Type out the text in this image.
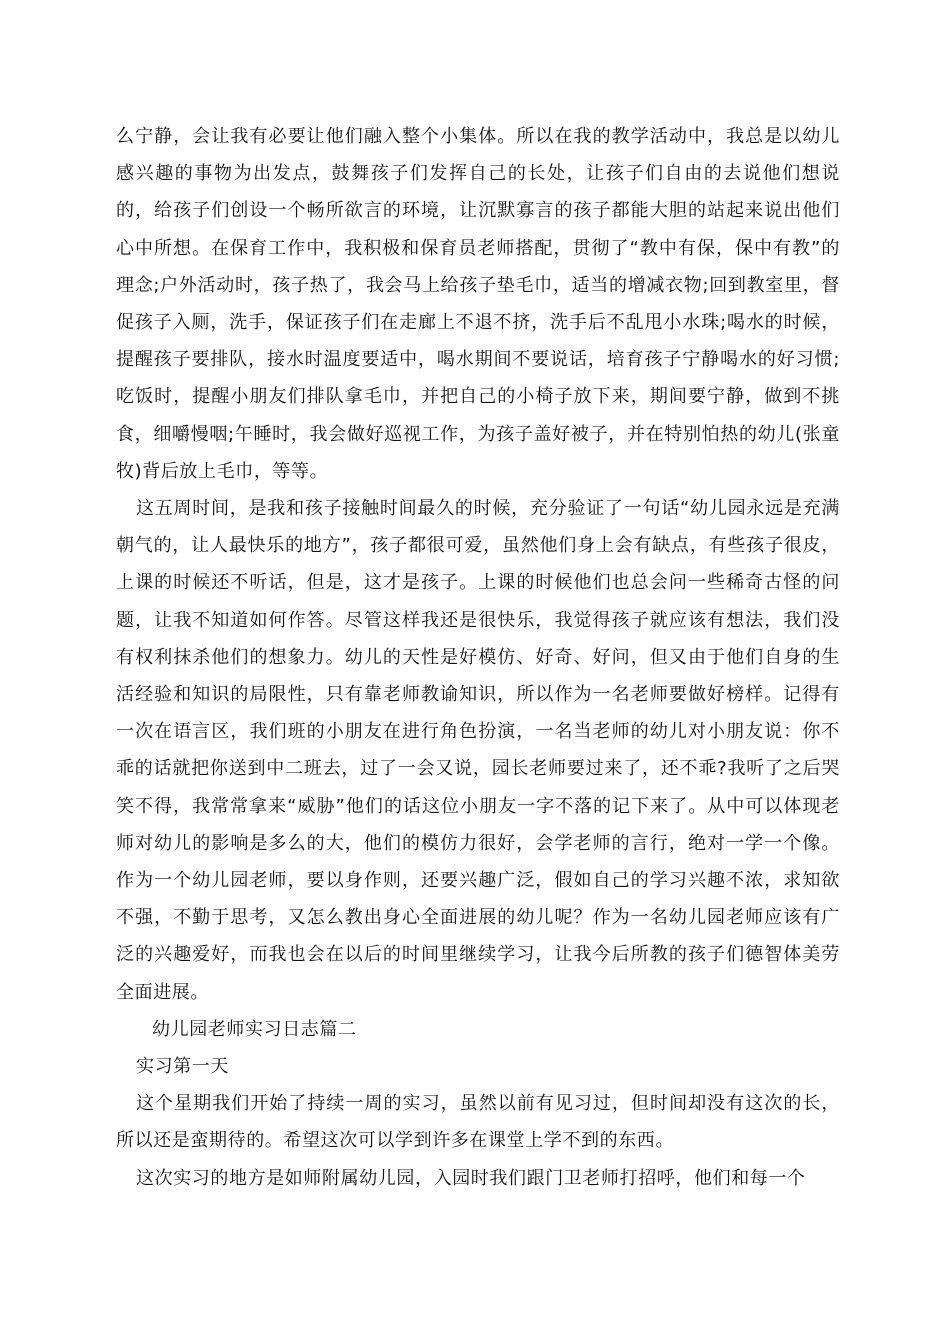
么宁静，会让我有必要让他们融入整个小集体。所以在我的教学活动中，我总是以幼儿感兴趣的事物为出发点，鼓舞孩子们发挥自己的长处，让孩子们自由的去说他们想说的，给孩子们创设一个畅所欲言的环境，让沉默寡言的孩子都能大胆的站起来说出他们心中所想。在保育工作中，我积极和保育员老师搭配，贯彻了“教中有保，保中有教”的理念;户外活动时，孩子热了，我会马上给孩子垫毛巾，适当的增减衣物;回到教室里，督促孩子入厕，洗手，保证孩子们在走廊上不退不挤，洗手后不乱甩小水珠;喝水的时候，提醒孩子要排队，接水时温度要适中，喝水期间不要说话，培育孩子宁静喝水的好习惯;吃饭时，提醒小朋友们排队拿毛巾，并把自己的小椅子放下来，期间要宁静，做到不挑食，细嚼慢咽;午睡时，我会做好巡视工作，为孩子盖好被子，并在特别怕热的幼儿(张童牧)背后放上毛巾，等等。

这五周时间，是我和孩子接触时间最久的时候，充分验证了一句话“幼儿园永远是充满朝气的，让人最快乐的地方”，孩子都很可爱，虽然他们身上会有缺点，有些孩子很皮，上课的时候还不听话，但是，这才是孩子。上课的时候他们也总会问一些稀奇古怪的问题，让我不知道如何作答。尽管这样我还是很快乐，我觉得孩子就应该有想法，我们没有权利抹杀他们的想象力。幼儿的天性是好模仿、好奇、好问，但又由于他们自身的生活经验和知识的局限性，只有靠老师教谕知识，所以作为一名老师要做好榜样。记得有一次在语言区，我们班的小朋友在进行角色扮演，一名当老师的幼儿对小朋友说：你不乖的话就把你送到中二班去，过了一会又说，园长老师要过来了，还不乖?我听了之后哭笑不得，我常常拿来“威胁”他们的话这位小朋友一字不落的记下来了。从中可以体现老师对幼儿的影响是多么的大，他们的模仿力很好，会学老师的言行，绝对一学一个像。作为一个幼儿园老师，要以身作则，还要兴趣广泛，假如自己的学习兴趣不浓，求知欲不强，不勤于思考，又怎么教出身心全面进展的幼儿呢？作为一名幼儿园老师应该有广泛的兴趣爱好，而我也会在以后的时间里继续学习，让我今后所教的孩子们德智体美劳全面进展。

幼儿园老师实习日志篇二

实习第一天

这个星期我们开始了持续一周的实习，虽然以前有见习过，但时间却没有这次的长，所以还是蛮期待的。希望这次可以学到许多在课堂上学不到的东西。

这次实习的地方是如师附属幼儿园，入园时我们跟门卫老师打招呼，他们和每一个
